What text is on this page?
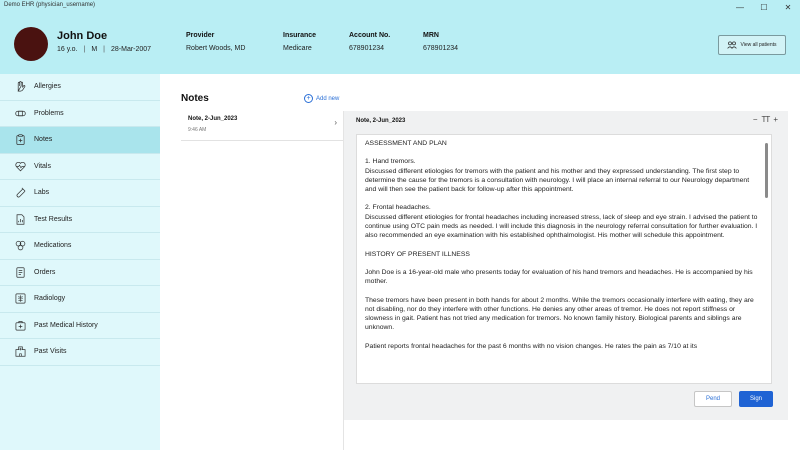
Demo EHR (physician_username)	—	☐	✕
John Doe
16 y.o. | M | 28-Mar-2007
Provider
Robert Woods, MD
Insurance
Medicare
Account No.
678901234
MRN
678901234	View all patients
Allergies
Problems
Notes
Vitals
Labs
Test Results
Medications
Orders
Radiology
Past Medical History
Past Visits
Notes	+ Add new
Note, 2-Jun_2023
9:46 AM
›	Note, 2-Jun_2023	− TT +

ASSESSMENT AND PLAN

1. Hand tremors.
Discussed different etiologies for tremors with the patient and his mother and they expressed understanding. The first step to determine the cause for the tremors is a consultation with neurology. I will place an internal referral to our Neurology department and will then see the patient back for follow-up after this appointment.

2. Frontal headaches.
Discussed different etiologies for frontal headaches including increased stress, lack of sleep and eye strain. I advised the patient to continue using OTC pain meds as needed. I will include this diagnosis in the neurology referral consultation for further evaluation. I also recommended an eye examination with his established ophthalmologist. His mother will schedule this appointment.

HISTORY OF PRESENT ILLNESS

John Doe is a 16-year-old male who presents today for evaluation of his hand tremors and headaches. He is accompanied by his mother.

These tremors have been present in both hands for about 2 months. While the tremors occasionally interfere with eating, they are not disabling, nor do they interfere with other functions. He denies any other areas of tremor. He does not report stiffness or slowness in gait. Patient has not tried any medication for tremors. No known family history. Biological parents and siblings are unknown.

Patient reports frontal headaches for the past 6 months with no vision changes. He rates the pain as 7/10 at its

Pend	Sign
